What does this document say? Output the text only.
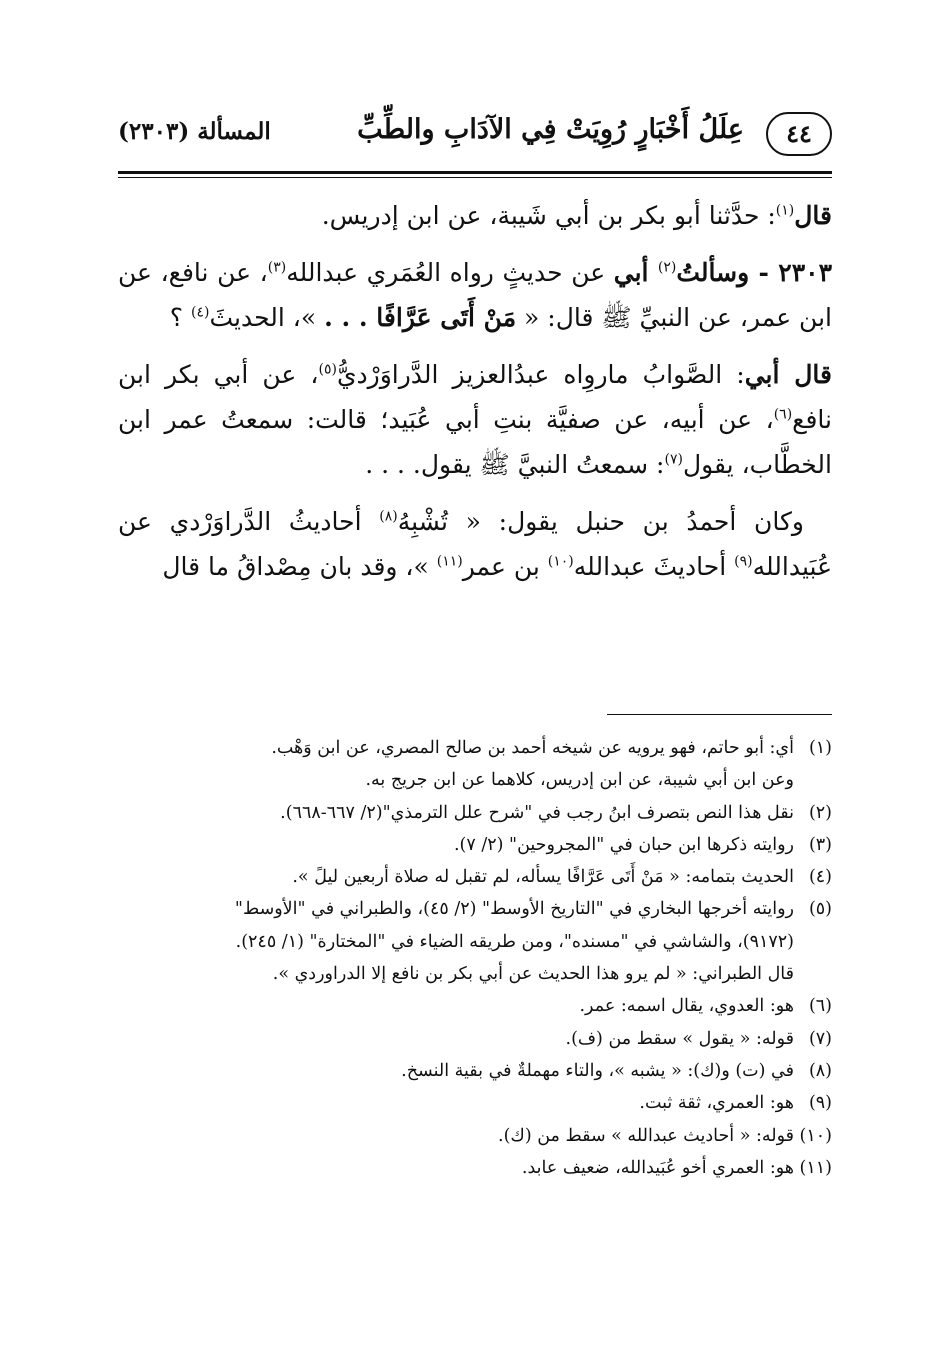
٤٤
عِلَلُ أَخْبَارٍ رُوِيَتْ فِي الآدَابِ والطِّبِّ
المسألة (٢٣٠٣)

قال$^{(١)}$: حدَّثنا أبو بكر بن أبي شَيبة، عن ابن إدريس.

٢٣٠٣ - وسألتُ$^{(٢)}$ أبي عن حديثٍ رواه العُمَري عبدالله$^{(٣)}$، عن نافع، عن ابن عمر، عن النبيِّ ﷺ قال: « مَنْ أَتَى عَرَّافًا . . . »، الحديثَ$^{(٤)}$ ؟

قال أبي: الصَّوابُ ماروِاه عبدُالعزيز الدَّراوَرْديُّ$^{(٥)}$، عن أبي بكر ابن نافع$^{(٦)}$، عن أبيه، عن صفيَّة بنتِ أبي عُبَيد؛ قالت: سمعتُ عمر ابن الخطَّاب، يقول$^{(٧)}$: سمعتُ النبيَّ ﷺ يقول. . . .

وكان أحمدُ بن حنبل يقول: « تُشْبِهُ$^{(٨)}$ أحاديثُ الدَّراوَرْدي عن عُبَيدالله$^{(٩)}$ أحاديثَ عبدالله$^{(١٠)}$ بن عمر$^{(١١)}$ »، وقد بان مِصْداقُ ما قال

(١)
أي: أبو حاتم، فهو يرويه عن شيخه أحمد بن صالح المصري، عن ابن وَهْب.
وعن ابن أبي شيبة، عن ابن إدريس، كلاهما عن ابن جريج به.
(٢)
نقل هذا النص بتصرف ابنُ رجب في "شرح علل الترمذي"(٢/ ٦٦٧-٦٦٨).
(٣)
روايته ذكرها ابن حبان في "المجروحين" (٢/ ٧).
(٤)
الحديث بتمامه: « مَنْ أَتَى عَرَّافًا يسأله، لم تقبل له صلاة أربعين ليلً ».
(٥)
روايته أخرجها البخاري في "التاريخ الأوسط" (٢/ ٤٥)، والطبراني في "الأوسط"
(٩١٧٢)، والشاشي في "مسنده"، ومن طريقه الضياء في "المختارة" (١/ ٢٤٥).
قال الطبراني: « لم يرو هذا الحديث عن أبي بكر بن نافع إلا الدراوردي ».
(٦)
هو: العدوي، يقال اسمه: عمر.
(٧)
قوله: « يقول » سقط من (ف).
(٨)
في (ت) و(ك): « يشبه »، والتاء مهملةٌ في بقية النسخ.
(٩)
هو: العمري، ثقة ثبت.
(١٠)
قوله: « أحاديث عبدالله » سقط من (ك).
(١١)
هو: العمري أخو عُبَيدالله، ضعيف عابد.
